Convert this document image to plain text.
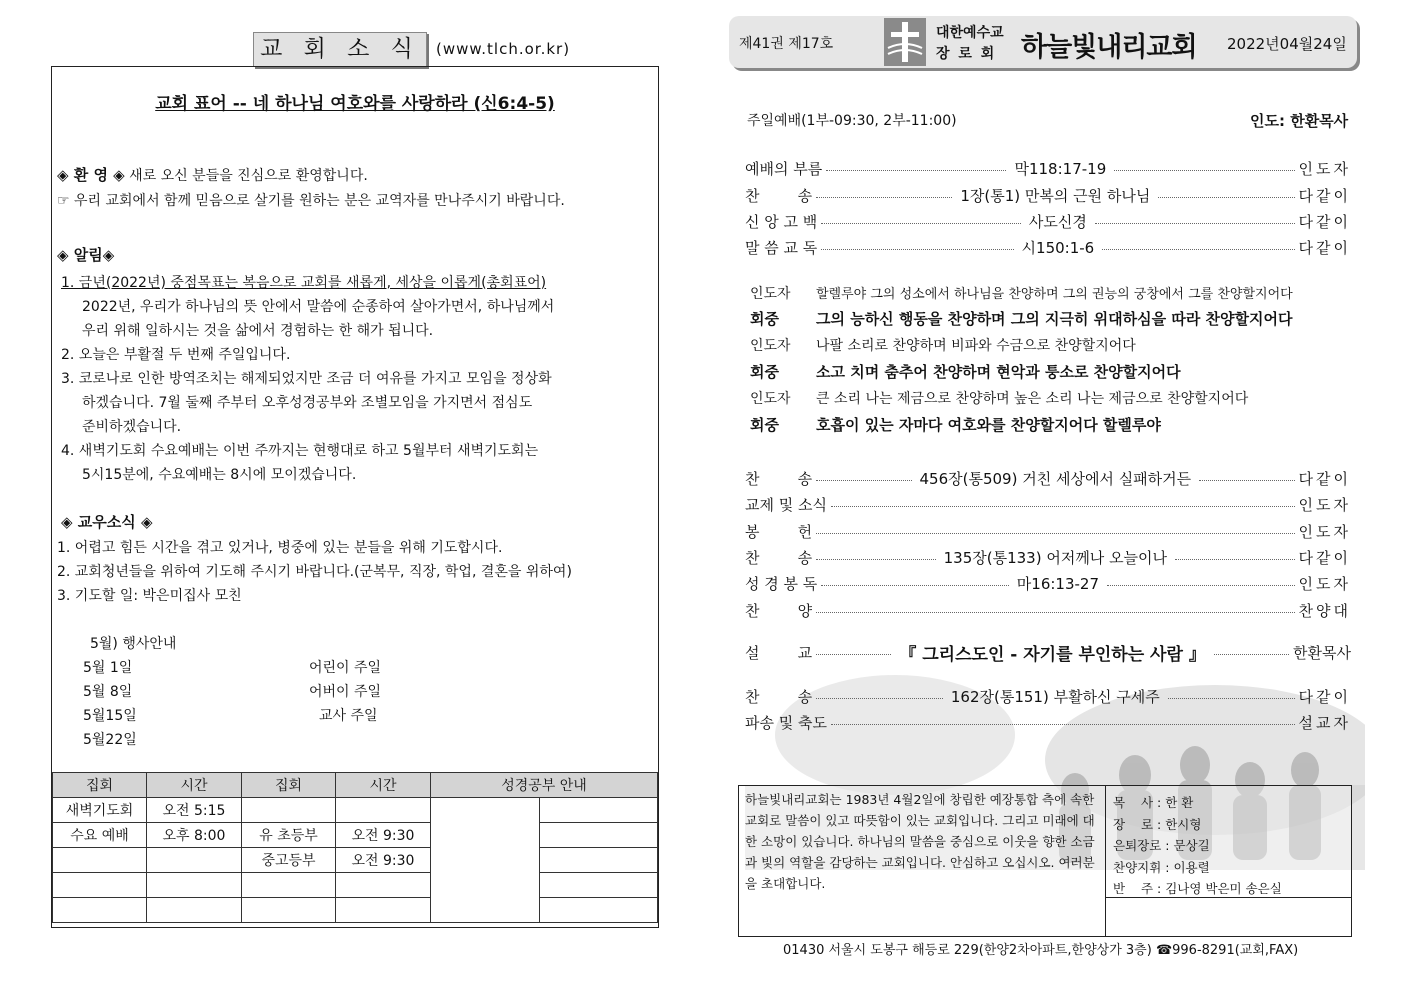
교 회 소 식	(www.tlch.or.kr)
교회 표어 -- 네 하나님 여호와를 사랑하라 (신6:4-5)
◈ 환 영 ◈ 새로 오신 분들을 진심으로 환영합니다.
☞ 우리 교회에서 함께 믿음으로 살기를 원하는 분은 교역자를 만나주시기 바랍니다.
◈ 알림◈
1. 금년(2022년) 중점목표는 복음으로 교회를 새롭게, 세상을 이롭게(총회표어)
2022년, 우리가 하나님의 뜻 안에서 말씀에 순종하여 살아가면서, 하나님께서
우리 위해 일하시는 것을 삶에서 경험하는 한 해가 됩니다.
2. 오늘은 부활절 두 번째 주일입니다.
3. 코로나로 인한 방역조치는 해제되었지만 조금 더 여유를 가지고 모임을 정상화
하겠습니다. 7월 둘째 주부터 오후성경공부와 조별모임을 가지면서 점심도
준비하겠습니다.
4. 새벽기도회 수요예배는 이번 주까지는 현행대로 하고 5월부터 새벽기도회는
5시15분에, 수요예배는 8시에 모이겠습니다.
◈ 교우소식 ◈
1. 어렵고 힘든 시간을 겪고 있거나, 병중에 있는 분들을 위해 기도합시다.
2. 교회청년들을 위하여 기도해 주시기 바랍니다.(군복무, 직장, 학업, 결혼을 위하여)
3. 기도할 일: 박은미집사 모친
5월) 행사안내
5월 1일	어린이 주일
5월 8일	어버이 주일
5월15일	교사 주일
5월22일
집회	시간	집회	시간	성경공부 안내	
새벽기도회	오전 5:15				
수요 예배	오후 8:00	유 초등부	오전 9:30		
		중고등부	오전 9:30		

제41권 제17호
대한예수교
장 로 회 하늘빛내리교회 2022년04월24일
주일예배(1부-09:30, 2부-11:00)	인도: 한환목사
예배의 부름	막118:17-19	인도자
찬        송	1장(통1) 만복의 근원 하나님	다같이
신 앙 고 백	사도신경	다같이
말 씀 교 독	시150:1-6	다같이
인도자 할렐루야 그의 성소에서 하나님을 찬양하며 그의 권능의 궁창에서 그를 찬양할지어다
회중 그의 능하신 행동을 찬양하며 그의 지극히 위대하심을 따라 찬양할지어다
인도자 나팔 소리로 찬양하며 비파와 수금으로 찬양할지어다
회중 소고 치며 춤추어 찬양하며 현악과 퉁소로 찬양할지어다
인도자 큰 소리 나는 제금으로 찬양하며 높은 소리 나는 제금으로 찬양할지어다
회중 호흡이 있는 자마다 여호와를 찬양할지어다 할렐루야
찬        송	456장(통509) 거친 세상에서 실패하거든	다같이
교제 및 소식	인도자
봉        헌	인도자
찬        송	135장(통133) 어저께나 오늘이나	다같이
성 경 봉 독	마16:13-27	인도자
찬        양	찬양대
설        교	『 그리스도인 - 자기를 부인하는 사람 』	한환목사
찬        송	162장(통151) 부활하신 구세주	다같이
파송 및 축도	설교자
하늘빛내리교회는 1983년 4월2일에 창립한 예장통합 측에 속한 교회로 말씀이 있고 따뜻함이 있는 교회입니다. 그리고 미래에 대한 소망이 있습니다. 하나님의 말씀을 중심으로 이웃을 향한 소금과 빛의 역할을 감당하는 교회입니다. 안심하고 오십시오. 여러분을 초대합니다.
목    사 : 한 환
장    로 : 한시형
은퇴장로 : 문상길
찬양지휘 : 이용렬
반    주 : 김나영 박은미 송은실
01430 서울시 도봉구 해등로 229(한양2차아파트,한양상가 3층) ☎996-8291(교회,FAX)
